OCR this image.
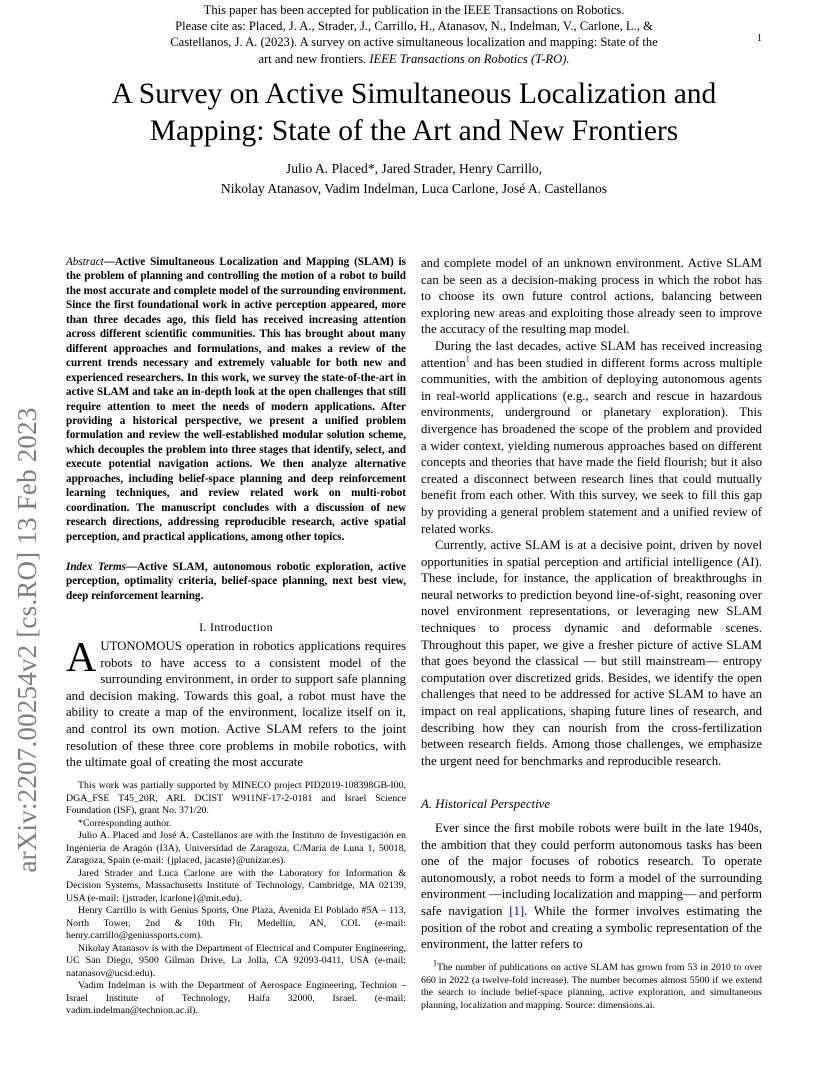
This paper has been accepted for publication in the IEEE Transactions on Robotics.
Please cite as: Placed, J. A., Strader, J., Carrillo, H., Atanasov, N., Indelman, V., Carlone, L., &
Castellanos, J. A. (2023). A survey on active simultaneous localization and mapping: State of the
art and new frontiers. IEEE Transactions on Robotics (T-RO).
1
A Survey on Active Simultaneous Localization and
Mapping: State of the Art and New Frontiers
Julio A. Placed*, Jared Strader, Henry Carrillo,
Nikolay Atanasov, Vadim Indelman, Luca Carlone, José A. Castellanos
arXiv:2207.00254v2 [cs.RO] 13 Feb 2023
Abstract—Active Simultaneous Localization and Mapping (SLAM) is the problem of planning and controlling the motion of a robot to build the most accurate and complete model of the surrounding environment. Since the first foundational work in active perception appeared, more than three decades ago, this field has received increasing attention across different scientific communities. This has brought about many different approaches and formulations, and makes a review of the current trends necessary and extremely valuable for both new and experienced researchers. In this work, we survey the state-of-the-art in active SLAM and take an in-depth look at the open challenges that still require attention to meet the needs of modern applications. After providing a historical perspective, we present a unified problem formulation and review the well-established modular solution scheme, which decouples the problem into three stages that identify, select, and execute potential navigation actions. We then analyze alternative approaches, including belief-space planning and deep reinforcement learning techniques, and review related work on multi-robot coordination. The manuscript concludes with a discussion of new research directions, addressing reproducible research, active spatial perception, and practical applications, among other topics.
Index Terms—Active SLAM, autonomous robotic exploration, active perception, optimality criteria, belief-space planning, next best view, deep reinforcement learning.
I. Introduction
AUTONOMOUS operation in robotics applications requires robots to have access to a consistent model of the surrounding environment, in order to support safe planning and decision making. Towards this goal, a robot must have the ability to create a map of the environment, localize itself on it, and control its own motion. Active SLAM refers to the joint resolution of these three core problems in mobile robotics, with the ultimate goal of creating the most accurate

This work was partially supported by MINECO project PID2019-108398GB-I00, DGA_FSE T45_20R, ARL DCIST W911NF-17-2-0181 and Israel Science Foundation (ISF), grant No. 371/20.

*Corresponding author.

Julio A. Placed and José A. Castellanos are with the Instituto de Investigación en Ingeniería de Aragón (I3A), Universidad de Zaragoza, C/María de Luna 1, 50018, Zaragoza, Spain (e-mail: {jplaced, jacaste}@unizar.es).

Jared Strader and Luca Carlone are with the Laboratory for Information & Decision Systems, Massachusetts Institute of Technology, Cambridge, MA 02139, USA (e-mail: {jstrader, lcarlone}@mit.edu).

Henry Carrillo is with Genius Sports, One Plaza, Avenida El Poblado #5A – 113, North Tower, 2nd & 10th Flr, Medellín, AN, COL (e-mail: henry.carrillo@geniussports.com).

Nikolay Atanasov is with the Department of Electrical and Computer Engineering, UC San Diego, 9500 Gilman Drive, La Jolla, CA 92093-0411, USA (e-mail: natanasov@ucsd.edu).

Vadim Indelman is with the Department of Aerospace Engineering, Technion – Israel Institute of Technology, Haifa 32000, Israel. (e-mail: vadim.indelman@technion.ac.il).

and complete model of an unknown environment. Active SLAM can be seen as a decision-making process in which the robot has to choose its own future control actions, balancing between exploring new areas and exploiting those already seen to improve the accuracy of the resulting map model.

During the last decades, active SLAM has received increasing attention$^1$ and has been studied in different forms across multiple communities, with the ambition of deploying autonomous agents in real-world applications (e.g., search and rescue in hazardous environments, underground or planetary exploration). This divergence has broadened the scope of the problem and provided a wider context, yielding numerous approaches based on different concepts and theories that have made the field flourish; but it also created a disconnect between research lines that could mutually benefit from each other. With this survey, we seek to fill this gap by providing a general problem statement and a unified review of related works.

Currently, active SLAM is at a decisive point, driven by novel opportunities in spatial perception and artificial intelligence (AI). These include, for instance, the application of breakthroughs in neural networks to prediction beyond line-of-sight, reasoning over novel environment representations, or leveraging new SLAM techniques to process dynamic and deformable scenes. Throughout this paper, we give a fresher picture of active SLAM that goes beyond the classical — but still mainstream— entropy computation over discretized grids. Besides, we identify the open challenges that need to be addressed for active SLAM to have an impact on real applications, shaping future lines of research, and describing how they can nourish from the cross-fertilization between research fields. Among those challenges, we emphasize the urgent need for benchmarks and reproducible research.

A. Historical Perspective

Ever since the first mobile robots were built in the late 1940s, the ambition that they could perform autonomous tasks has been one of the major focuses of robotics research. To operate autonomously, a robot needs to form a model of the surrounding environment —including localization and mapping— and perform safe navigation [1]. While the former involves estimating the position of the robot and creating a symbolic representation of the environment, the latter refers to

$^1$The number of publications on active SLAM has grown from 53 in 2010 to over 660 in 2022 (a twelve-fold increase). The number becomes almost 5500 if we extend the search to include belief-space planning, active exploration, and simultaneous planning, localization and mapping. Source: dimensions.ai.
